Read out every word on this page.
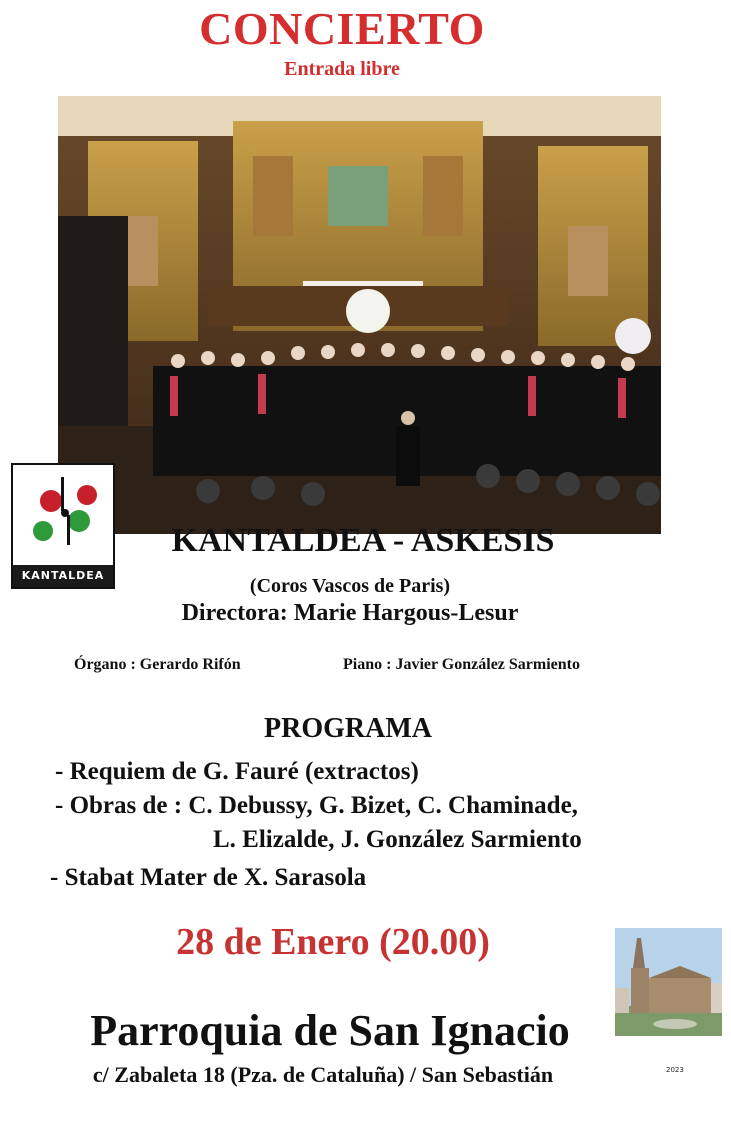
CONCIERTO
Entrada libre
KANTALDEA
KANTALDEA - ASKESIS
(Coros Vascos de Paris)
Directora: Marie Hargous-Lesur
Órgano : Gerardo Rifón	Piano : Javier González Sarmiento
PROGRAMA
- Requiem de G. Fauré (extractos)
- Obras de : C. Debussy, G. Bizet, C. Chaminade,
L. Elizalde, J. González Sarmiento
- Stabat Mater de X. Sarasola
28 de Enero (20.00)
Parroquia de San Ignacio
c/ Zabaleta 18 (Pza. de Cataluña) / San Sebastián	2023
